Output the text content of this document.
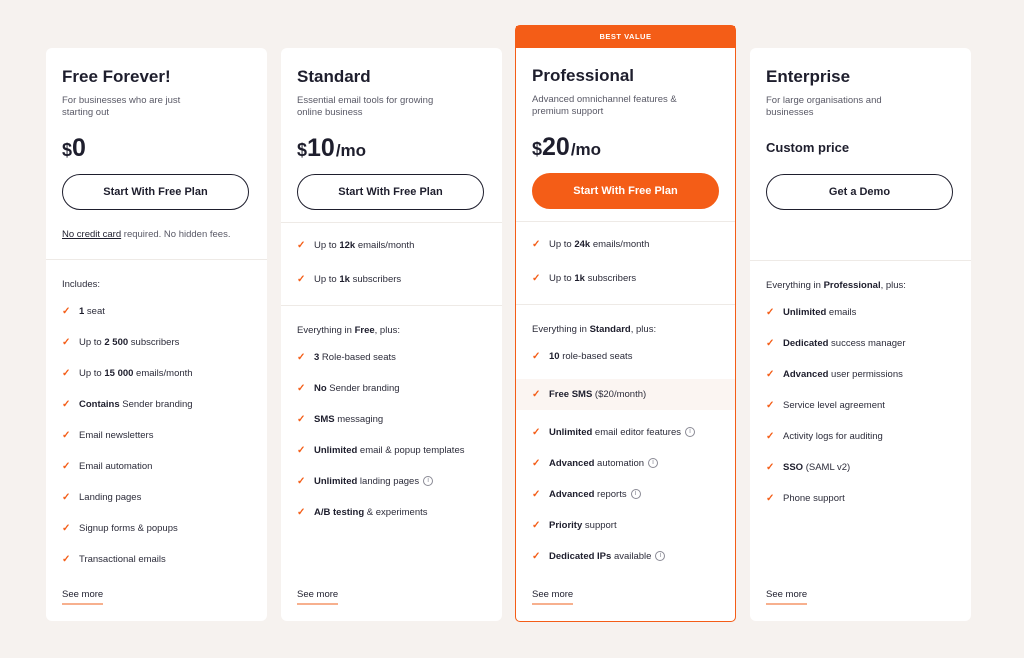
Free Forever!
For businesses who are just starting out
$ 0
Start With Free Plan
No credit card required. No hidden fees.
Includes:
✓ 1 seat
✓ Up to 2 500 subscribers
✓ Up to 15 000 emails/month
✓ Contains Sender branding
✓ Email newsletters
✓ Email automation
✓ Landing pages
✓ Signup forms & popups
✓ Transactional emails
See more
Standard
Essential email tools for growing online business
$ 10 /mo
Start With Free Plan
✓ Up to 12k emails/month
✓ Up to 1k subscribers
Everything in Free, plus:
✓ 3 Role-based seats
✓ No Sender branding
✓ SMS messaging
✓ Unlimited email & popup templates
✓ Unlimited landing pages i
✓ A/B testing & experiments
See more
BEST VALUE
Professional
Advanced omnichannel features & premium support
$ 20 /mo
Start With Free Plan
✓ Up to 24k emails/month
✓ Up to 1k subscribers
Everything in Standard, plus:
✓ 10 role-based seats
✓ Free SMS ($20/month)
✓ Unlimited email editor features i
✓ Advanced automation i
✓ Advanced reports i
✓ Priority support
✓ Dedicated IPs available i
See more
Enterprise
For large organisations and businesses
Custom price
Get a Demo
Everything in Professional, plus:
✓ Unlimited emails
✓ Dedicated success manager
✓ Advanced user permissions
✓ Service level agreement
✓ Activity logs for auditing
✓ SSO (SAML v2)
✓ Phone support
See more
